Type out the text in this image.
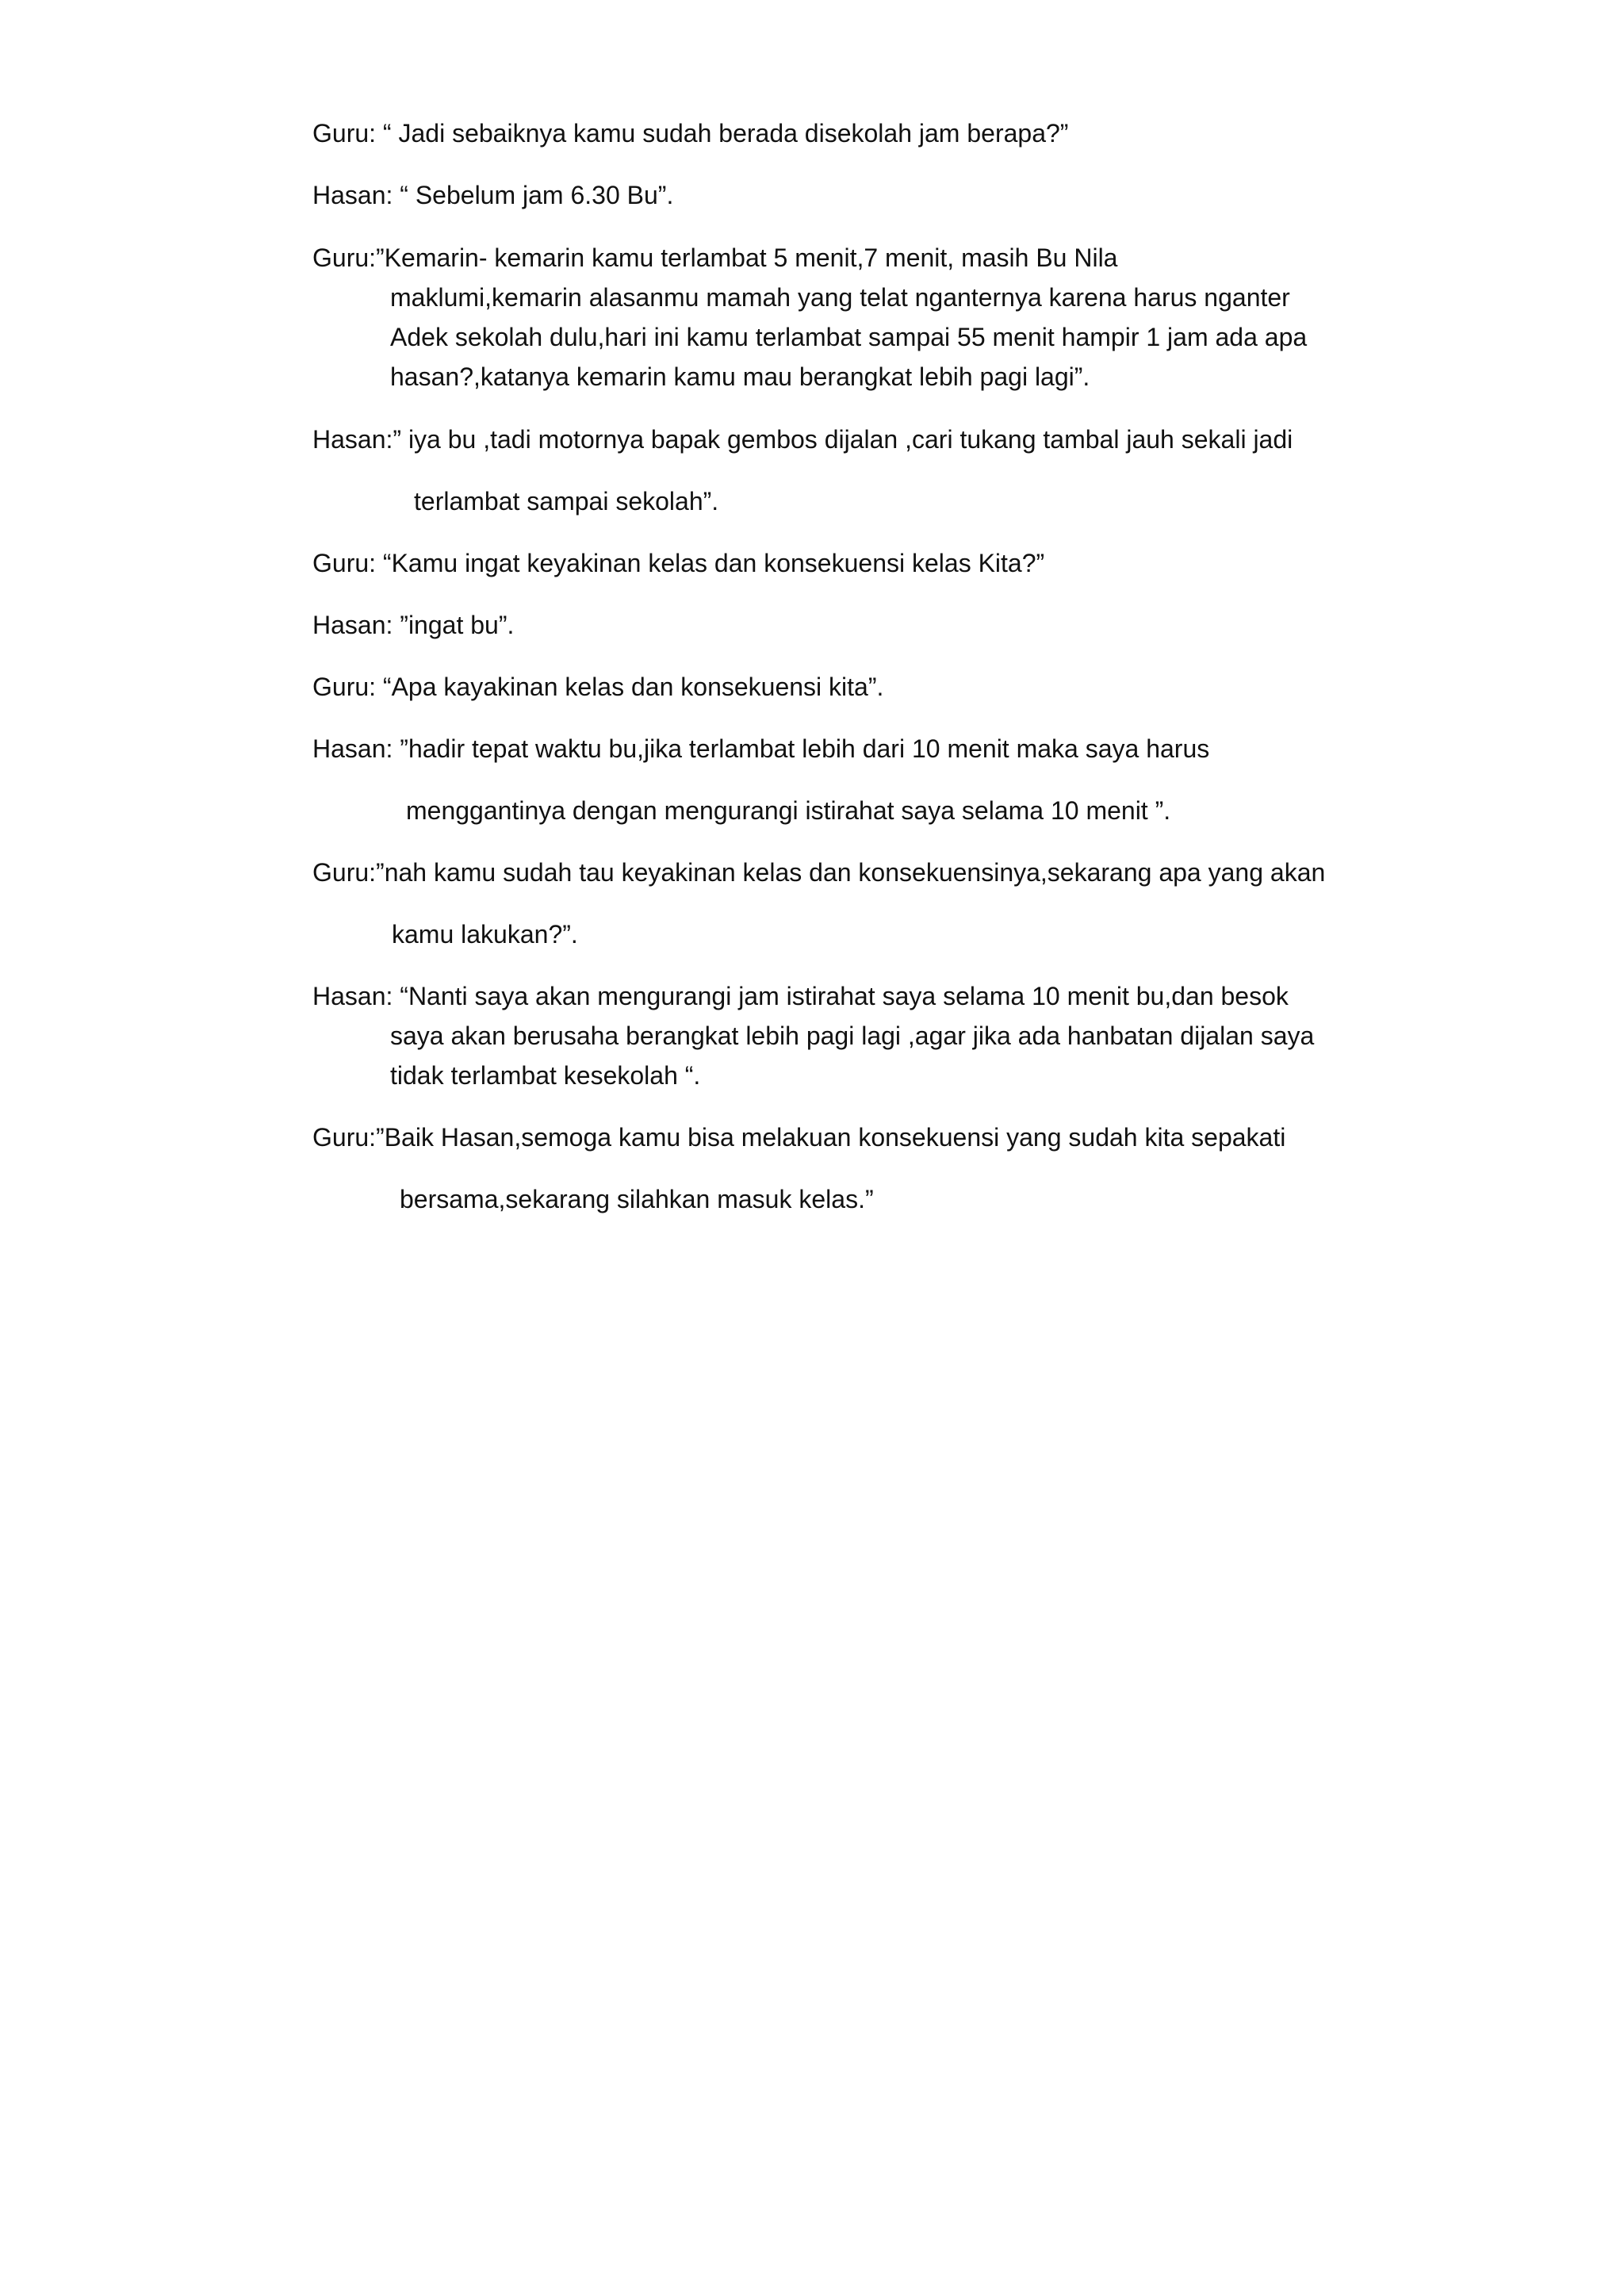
Guru: “ Jadi sebaiknya kamu sudah berada disekolah jam berapa?”

Hasan: “ Sebelum jam 6.30 Bu”.

Guru:”Kemarin- kemarin kamu terlambat 5 menit,7 menit, masih Bu Nila

maklumi,kemarin alasanmu mamah yang telat nganternya karena harus nganter

Adek sekolah dulu,hari ini kamu terlambat sampai 55 menit hampir 1 jam ada apa

hasan?,katanya kemarin kamu mau berangkat lebih pagi lagi”.

Hasan:” iya bu ,tadi motornya bapak gembos dijalan ,cari tukang tambal jauh sekali jadi

terlambat sampai sekolah”.

Guru: “Kamu ingat keyakinan kelas dan konsekuensi kelas Kita?”

Hasan: ”ingat bu”.

Guru: “Apa kayakinan kelas dan konsekuensi kita”.

Hasan: ”hadir tepat waktu bu,jika terlambat lebih dari 10 menit maka saya harus

menggantinya dengan mengurangi istirahat saya selama 10 menit ”.

Guru:”nah kamu sudah tau keyakinan kelas dan konsekuensinya,sekarang apa yang akan

kamu lakukan?”.

Hasan: “Nanti saya akan mengurangi jam istirahat saya selama 10 menit bu,dan besok

saya akan berusaha berangkat lebih pagi lagi ,agar jika ada hanbatan dijalan saya

tidak terlambat kesekolah “.

Guru:”Baik Hasan,semoga kamu bisa melakuan konsekuensi yang sudah kita sepakati

bersama,sekarang silahkan masuk kelas.”
